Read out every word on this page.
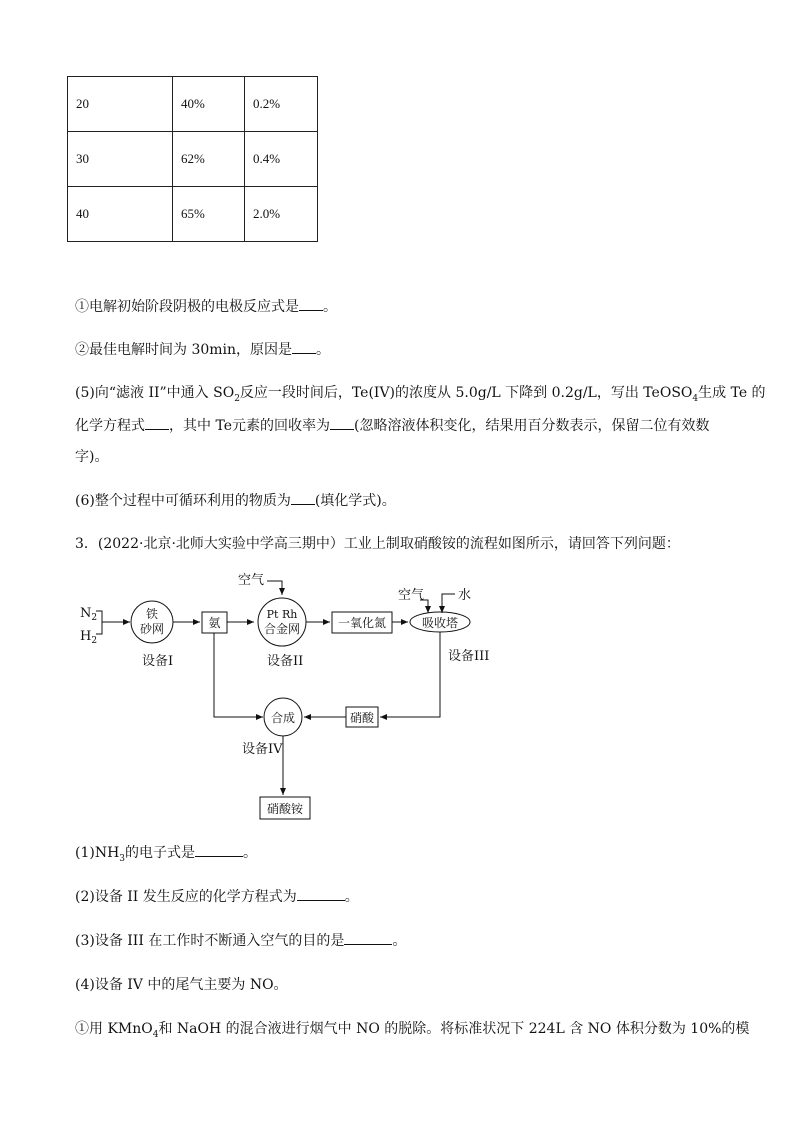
20	40%	0.2%
30	62%	0.4%
40	65%	2.0%
①电解初始阶段阴极的电极反应式是 。
②最佳电解时间为 30min，原因是 。
(5)向“滤液 II”中通入 $SO_2$反应一段时间后，Te(IV)的浓度从 5.0g/L 下降到 0.2g/L，写出 TeOSO$_4$生成 Te 的
化学方程式 ，其中 Te元素的回收率为 (忽略溶液体积变化，结果用百分数表示，保留二位有效数
字)。
(6)整个过程中可循环利用的物质为 (填化学式)。
3．(2022·北京·北师大实验中学高三期中）工业上制取硝酸铵的流程如图所示，请回答下列问题：
$N_2$
$H_2$
铁
砂网
设备I
氨
空气
Pt Rh
合金网
设备II
一氧化氮
空气	水
吸收塔
设备III
硝酸
合成
设备IV
硝酸铵
$(1)NH_3$的电子式是	。
(2)设备 II 发生反应的化学方程式为	。
(3)设备 III 在工作时不断通入空气的目的是	。
(4)设备 IV 中的尾气主要为 NO。
①用 KMnO$_4$和 NaOH 的混合液进行烟气中 NO 的脱除。将标准状况下 224L 含 NO 体积分数为 10%的模
